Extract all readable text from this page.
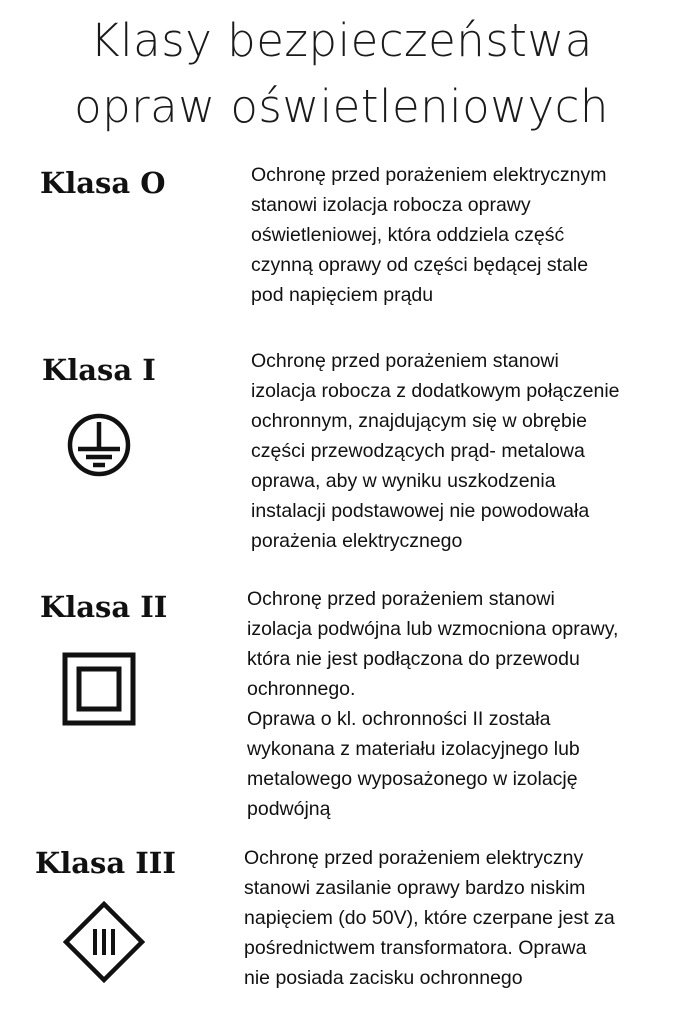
Klasy bezpieczeństwa
opraw oświetleniowych
Klasa O	Ochronę przed porażeniem elektrycznym
stanowi izolacja robocza oprawy
oświetleniowej, która oddziela część
czynną oprawy od części będącej stale
pod napięciem prądu
Klasa I	Ochronę przed porażeniem stanowi
izolacja robocza z dodatkowym połączenie
ochronnym, znajdującym się w obrębie
części przewodzących prąd- metalowa
oprawa, aby w wyniku uszkodzenia
instalacji podstawowej nie powodowała
porażenia elektrycznego
Klasa II	Ochronę przed porażeniem stanowi
izolacja podwójna lub wzmocniona oprawy,
która nie jest podłączona do przewodu
ochronnego.
Oprawa o kl. ochronności II została
wykonana z materiału izolacyjnego lub
metalowego wyposażonego w izolację
podwójną
Klasa III	Ochronę przed porażeniem elektryczny
stanowi zasilanie oprawy bardzo niskim
napięciem (do 50V), które czerpane jest za
pośrednictwem transformatora. Oprawa
nie posiada zacisku ochronnego
